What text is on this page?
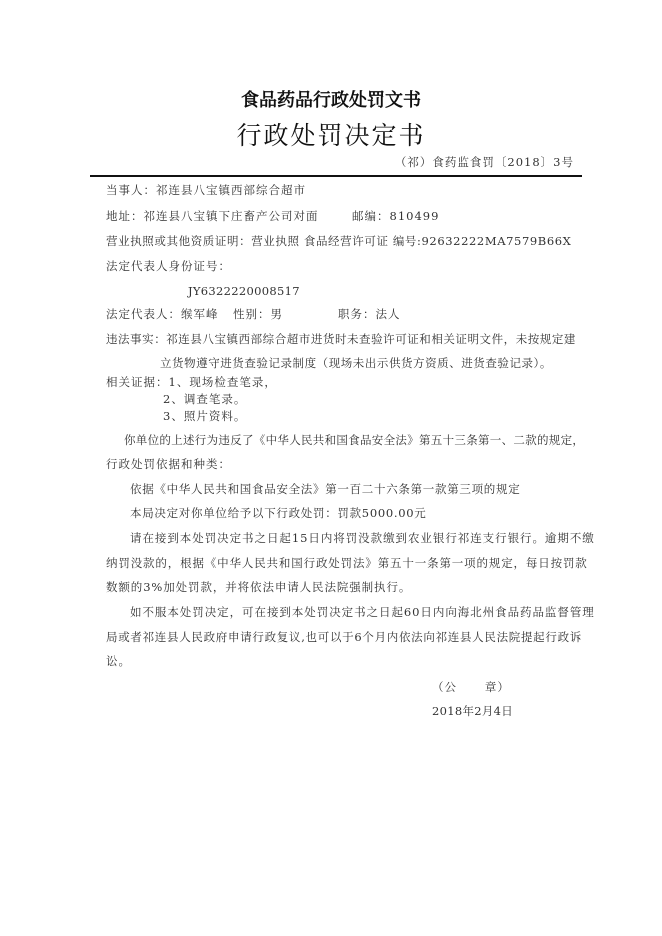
食品药品行政处罚文书
行政处罚决定书
（祁）食药监食罚〔2018〕3号
当事人：祁连县八宝镇西部综合超市
地址：祁连县八宝镇下庄畜产公司对面	邮编：810499
营业执照或其他资质证明：营业执照 食品经营许可证 编号:92632222MA7579B66X
法定代表人身份证号：
JY6322220008517
法定代表人：缑军峰 性别：男	职务：法人
违法事实：祁连县八宝镇西部综合超市进货时未查验许可证和相关证明文件，未按规定建
立货物遵守进货查验记录制度（现场未出示供货方资质、进货查验记录）。
相关证据：1、现场检查笔录，
2、调查笔录。
3、照片资料。
你单位的上述行为违反了《中华人民共和国食品安全法》第五十三条第一、二款的规定，
行政处罚依据和种类：
依据《中华人民共和国食品安全法》第一百二十六条第一款第三项的规定
本局决定对你单位给予以下行政处罚：罚款5000.00元
请在接到本处罚决定书之日起15日内将罚没款缴到农业银行祁连支行银行。逾期不缴
纳罚没款的，根据《中华人民共和国行政处罚法》第五十一条第一项的规定，每日按罚款
数额的3%加处罚款，并将依法申请人民法院强制执行。
如不服本处罚决定，可在接到本处罚决定书之日起60日内向海北州食品药品监督管理
局或者祁连县人民政府申请行政复议,也可以于6个月内依法向祁连县人民法院提起行政诉
讼。
（公      章）
2018年2月4日
